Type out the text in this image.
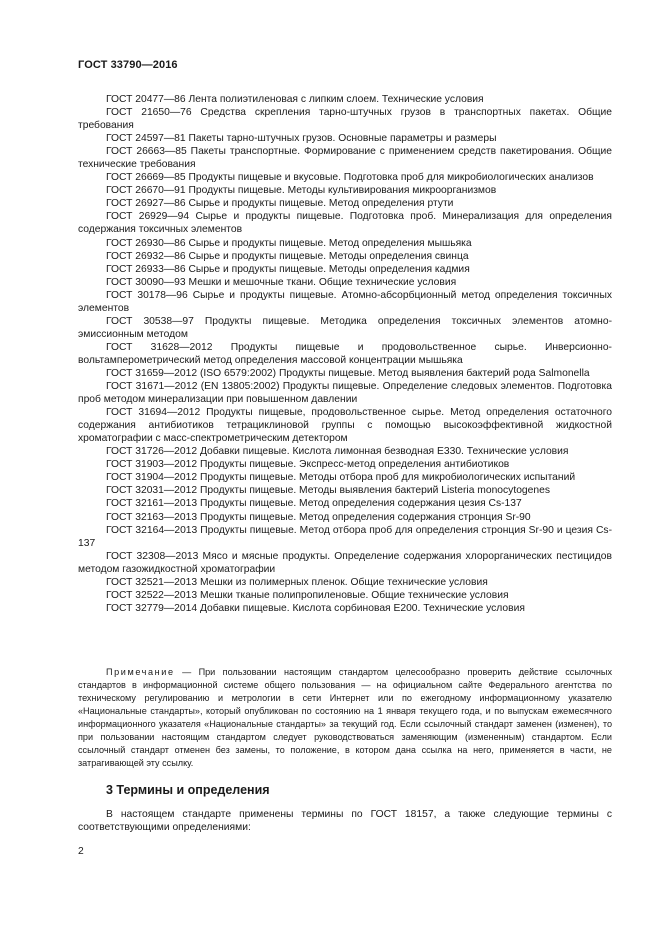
ГОСТ 33790—2016

ГОСТ 20477—86 Лента полиэтиленовая с липким слоем. Технические условия

ГОСТ 21650—76 Средства скрепления тарно-штучных грузов в транспортных пакетах. Общие требования

ГОСТ 24597—81 Пакеты тарно-штучных грузов. Основные параметры и размеры

ГОСТ 26663—85 Пакеты транспортные. Формирование с применением средств пакетирования. Общие технические требования

ГОСТ 26669—85 Продукты пищевые и вкусовые. Подготовка проб для микробиологических анализов

ГОСТ 26670—91 Продукты пищевые. Методы культивирования микроорганизмов

ГОСТ 26927—86 Сырье и продукты пищевые. Метод определения ртути

ГОСТ 26929—94 Сырье и продукты пищевые. Подготовка проб. Минерализация для определения содержания токсичных элементов

ГОСТ 26930—86 Сырье и продукты пищевые. Метод определения мышьяка

ГОСТ 26932—86 Сырье и продукты пищевые. Методы определения свинца

ГОСТ 26933—86 Сырье и продукты пищевые. Методы определения кадмия

ГОСТ 30090—93 Мешки и мешочные ткани. Общие технические условия

ГОСТ 30178—96 Сырье и продукты пищевые. Атомно-абсорбционный метод определения токсичных элементов

ГОСТ 30538—97 Продукты пищевые. Методика определения токсичных элементов атомно-эмиссионным методом

ГОСТ 31628—2012 Продукты пищевые и продовольственное сырье. Инверсионно-вольтамперометрический метод определения массовой концентрации мышьяка

ГОСТ 31659—2012 (ISO 6579:2002) Продукты пищевые. Метод выявления бактерий рода Salmonella

ГОСТ 31671—2012 (EN 13805:2002) Продукты пищевые. Определение следовых элементов. Подготовка проб методом минерализации при повышенном давлении

ГОСТ 31694—2012 Продукты пищевые, продовольственное сырье. Метод определения остаточного содержания антибиотиков тетрациклиновой группы с помощью высокоэффективной жидкостной хроматографии с масс-спектрометрическим детектором

ГОСТ 31726—2012 Добавки пищевые. Кислота лимонная безводная Е330. Технические условия

ГОСТ 31903—2012 Продукты пищевые. Экспресс-метод определения антибиотиков

ГОСТ 31904—2012 Продукты пищевые. Методы отбора проб для микробиологических испытаний

ГОСТ 32031—2012 Продукты пищевые. Методы выявления бактерий Listeria monocytogenes

ГОСТ 32161—2013 Продукты пищевые. Метод определения содержания цезия Cs-137

ГОСТ 32163—2013 Продукты пищевые. Метод определения содержания стронция Sr-90

ГОСТ 32164—2013 Продукты пищевые. Метод отбора проб для определения стронция Sr-90 и цезия Cs-137

ГОСТ 32308—2013 Мясо и мясные продукты. Определение содержания хлорорганических пестицидов методом газожидкостной хроматографии

ГОСТ 32521—2013 Мешки из полимерных пленок. Общие технические условия

ГОСТ 32522—2013 Мешки тканые полипропиленовые. Общие технические условия

ГОСТ 32779—2014 Добавки пищевые. Кислота сорбиновая Е200. Технические условия

Примечание — При пользовании настоящим стандартом целесообразно проверить действие ссылочных стандартов в информационной системе общего пользования — на официальном сайте Федерального агентства по техническому регулированию и метрологии в сети Интернет или по ежегодному информационному указателю «Национальные стандарты», который опубликован по состоянию на 1 января текущего года, и по выпускам ежемесячного информационного указателя «Национальные стандарты» за текущий год. Если ссылочный стандарт заменен (изменен), то при пользовании настоящим стандартом следует руководствоваться заменяющим (измененным) стандартом. Если ссылочный стандарт отменен без замены, то положение, в котором дана ссылка на него, применяется в части, не затрагивающей эту ссылку.

3 Термины и определения

В настоящем стандарте применены термины по ГОСТ 18157, а также следующие термины с соответствующими определениями:

2
